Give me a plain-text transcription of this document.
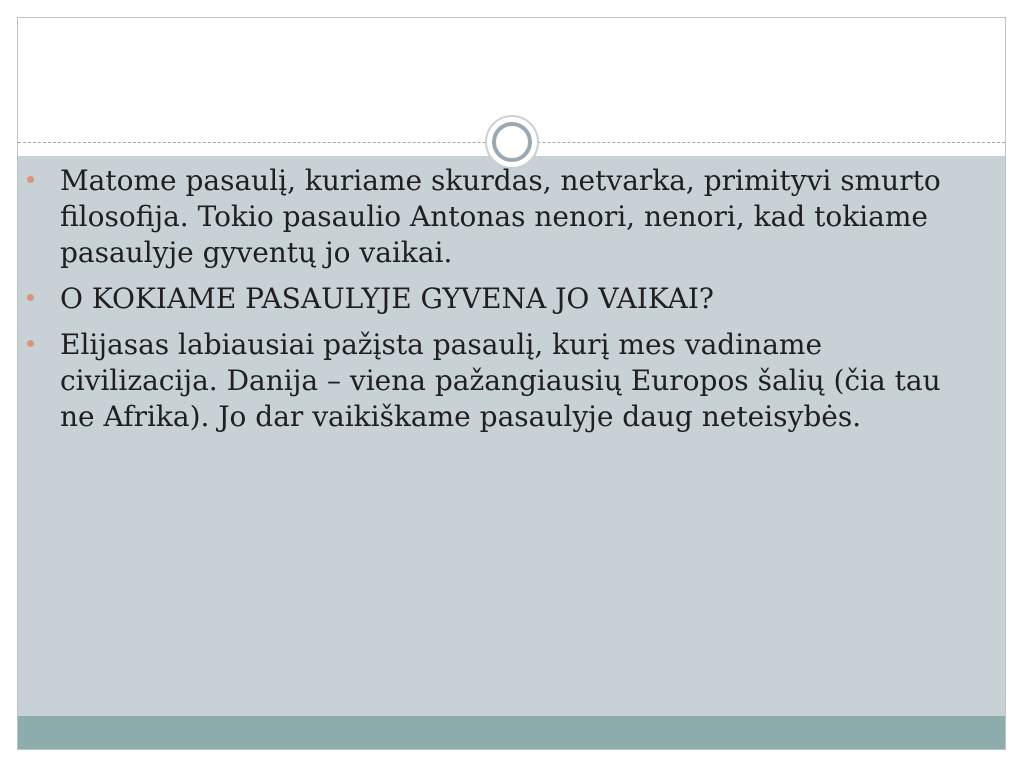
Matome pasaulį, kuriame skurdas, netvarka, primityvi smurto filosofija. Tokio pasaulio Antonas nenori, nenori, kad tokiame pasaulyje gyventų jo vaikai.
O KOKIAME PASAULYJE GYVENA JO VAIKAI?
Elijasas labiausiai pažįsta pasaulį, kurį mes vadiname civilizacija. Danija – viena pažangiausių Europos šalių (čia tau ne Afrika). Jo dar vaikiškame pasaulyje daug neteisybės.
